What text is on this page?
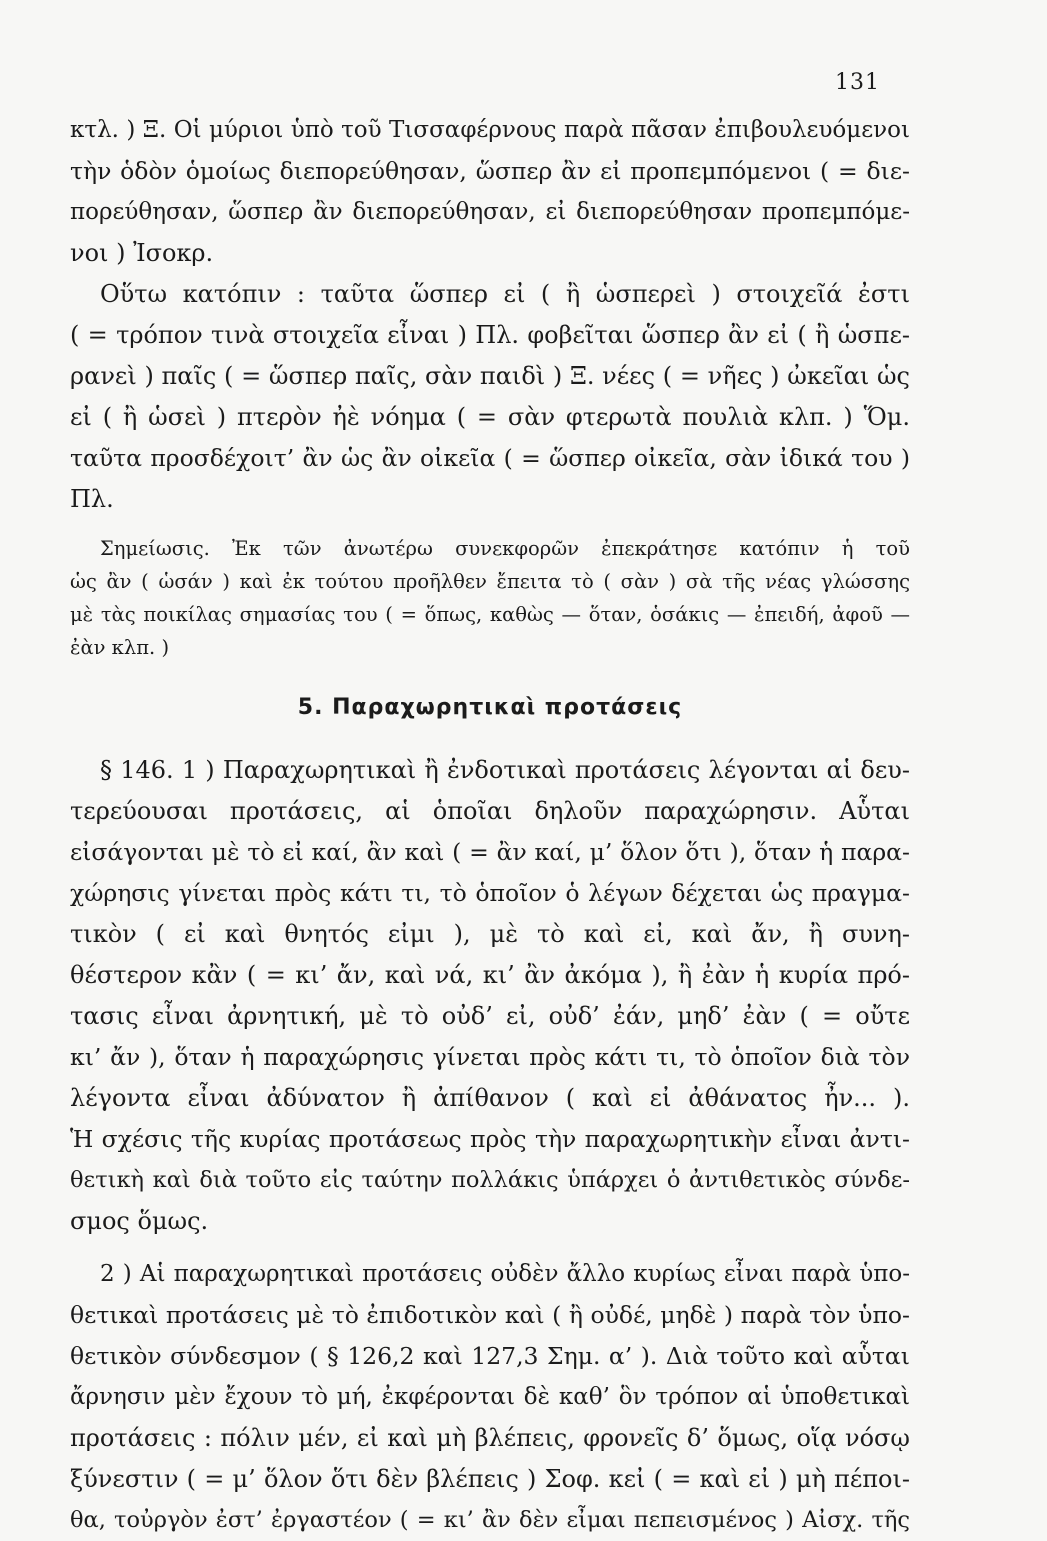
131
κτλ. ) Ξ. Οἱ μύριοι ὑπὸ τοῦ Τισσαφέρνους παρὰ πᾶσαν ἐπιβουλευόμενοι
τὴν ὁδὸν ὁμοίως διεπορεύθησαν, ὥσπερ ἂν εἰ προπεμπόμενοι ( = διε-
πορεύθησαν, ὥσπερ ἂν διεπορεύθησαν, εἰ διεπορεύθησαν προπεμπόμε-
νοι ) Ἰσοκρ.
Οὕτω κατόπιν : ταῦτα ὥσπερ εἰ ( ἢ ὡσπερεὶ ) στοιχεῖά ἐστι
( = τρόπον τινὰ στοιχεῖα εἶναι ) Πλ. φοβεῖται ὥσπερ ἂν εἰ ( ἢ ὡσπε-
ρανεὶ ) παῖς ( = ὥσπερ παῖς, σὰν παιδὶ ) Ξ. νέες ( = νῆες ) ὠκεῖαι ὡς
εἰ ( ἢ ὡσεὶ ) πτερὸν ἠὲ νόημα ( = σὰν φτερωτὰ πουλιὰ κλπ. ) Ὅμ.
ταῦτα προσδέχοιτ’ ἂν ὡς ἂν οἰκεῖα ( = ὥσπερ οἰκεῖα, σὰν ἰδικά του )
Πλ.
Σημείωσις. Ἐκ τῶν ἀνωτέρω συνεκφορῶν ἐπεκράτησε κατόπιν ἡ τοῦ
ὡς ἂν ( ὡσάν ) καὶ ἐκ τούτου προῆλθεν ἔπειτα τὸ ( σὰν ) σὰ τῆς νέας γλώσσης
μὲ τὰς ποικίλας σημασίας του ( = ὅπως, καθὼς — ὅταν, ὁσάκις — ἐπειδή, ἀφοῦ —
ἐὰν κλπ. )
5. Παραχωρητικαὶ προτάσεις
§ 146. 1 ) Παραχωρητικαὶ ἢ ἐνδοτικαὶ προτάσεις λέγονται αἱ δευ-
τερεύουσαι προτάσεις, αἱ ὁποῖαι δηλοῦν παραχώρησιν. Αὗται
εἰσάγονται μὲ τὸ εἰ καί, ἂν καὶ ( = ἂν καί, μ’ ὅλον ὅτι ), ὅταν ἡ παρα-
χώρησις γίνεται πρὸς κάτι τι, τὸ ὁποῖον ὁ λέγων δέχεται ὡς πραγμα-
τικὸν ( εἰ καὶ θνητός εἰμι ), μὲ τὸ καὶ εἰ, καὶ ἄν, ἢ συνη-
θέστερον κἂν ( = κι’ ἄν, καὶ νά, κι’ ἂν ἀκόμα ), ἢ ἐὰν ἡ κυρία πρό-
τασις εἶναι ἀρνητική, μὲ τὸ οὐδ’ εἰ, οὐδ’ ἐάν, μηδ’ ἐὰν ( = οὔτε
κι’ ἄν ), ὅταν ἡ παραχώρησις γίνεται πρὸς κάτι τι, τὸ ὁποῖον διὰ τὸν
λέγοντα εἶναι ἀδύνατον ἢ ἀπίθανον ( καὶ εἰ ἀθάνατος ἦν... ).
Ἡ σχέσις τῆς κυρίας προτάσεως πρὸς τὴν παραχωρητικὴν εἶναι ἀντι-
θετικὴ καὶ διὰ τοῦτο εἰς ταύτην πολλάκις ὑπάρχει ὁ ἀντιθετικὸς σύνδε-
σμος ὅμως.
2 ) Αἱ παραχωρητικαὶ προτάσεις οὐδὲν ἄλλο κυρίως εἶναι παρὰ ὑπο-
θετικαὶ προτάσεις μὲ τὸ ἐπιδοτικὸν καὶ ( ἢ οὐδέ, μηδὲ ) παρὰ τὸν ὑπο-
θετικὸν σύνδεσμον ( § 126,2 καὶ 127,3 Σημ. α’ ). Διὰ τοῦτο καὶ αὗται
ἄρνησιν μὲν ἔχουν τὸ μή, ἐκφέρονται δὲ καθ’ ὃν τρόπον αἱ ὑποθετικαὶ
προτάσεις : πόλιν μέν, εἰ καὶ μὴ βλέπεις, φρονεῖς δ’ ὅμως, οἵᾳ νόσῳ
ξύνεστιν ( = μ’ ὅλον ὅτι δὲν βλέπεις ) Σοφ. κεἰ ( = καὶ εἰ ) μὴ πέποι-
θα, τοὐργὸν ἐστ’ ἐργαστέον ( = κι’ ἂν δὲν εἶμαι πεπεισμένος ) Αἰσχ. τῆς
